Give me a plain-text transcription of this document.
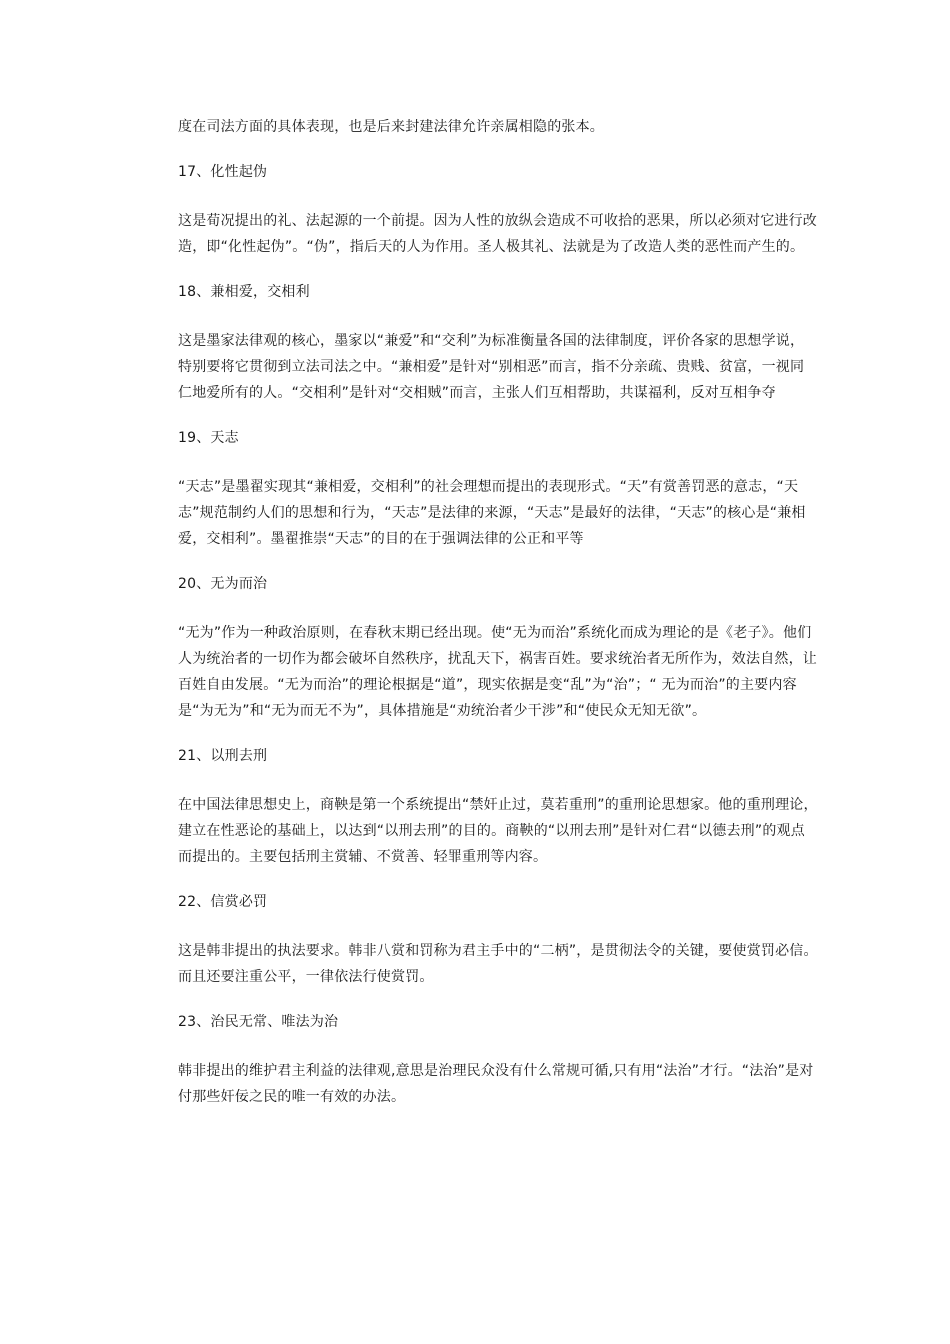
度在司法方面的具体表现，也是后来封建法律允许亲属相隐的张本。

17、化性起伪

这是荀况提出的礼、法起源的一个前提。因为人性的放纵会造成不可收拾的恶果，所以必须对它进行改造，即“化性起伪”。“伪”，指后天的人为作用。圣人极其礼、法就是为了改造人类的恶性而产生的。

18、兼相爱，交相利

这是墨家法律观的核心，墨家以“兼爱”和“交利”为标准衡量各国的法律制度，评价各家的思想学说，特别要将它贯彻到立法司法之中。“兼相爱”是针对“别相恶”而言，指不分亲疏、贵贱、贫富，一视同仁地爱所有的人。“交相利”是针对“交相贼”而言，主张人们互相帮助，共谋福利，反对互相争夺

19、天志

“天志”是墨翟实现其“兼相爱，交相利”的社会理想而提出的表现形式。“天”有赏善罚恶的意志，“天志”规范制约人们的思想和行为，“天志”是法律的来源，“天志”是最好的法律，“天志”的核心是“兼相爱，交相利”。墨翟推崇“天志”的目的在于强调法律的公正和平等

20、无为而治

“无为”作为一种政治原则，在春秋末期已经出现。使“无为而治”系统化而成为理论的是《老子》。他们人为统治者的一切作为都会破坏自然秩序，扰乱天下，祸害百姓。要求统治者无所作为，效法自然，让百姓自由发展。“无为而治”的理论根据是“道”，现实依据是变“乱”为“治”；“ 无为而治”的主要内容是“为无为”和“无为而无不为”，具体措施是“劝统治者少干涉”和“使民众无知无欲”。

21、以刑去刑

在中国法律思想史上，商鞅是第一个系统提出“禁奸止过，莫若重刑”的重刑论思想家。他的重刑理论，建立在性恶论的基础上，以达到“以刑去刑”的目的。商鞅的“以刑去刑”是针对仁君“以德去刑”的观点而提出的。主要包括刑主赏辅、不赏善、轻罪重刑等内容。

22、信赏必罚

这是韩非提出的执法要求。韩非八赏和罚称为君主手中的“二柄”，是贯彻法令的关键，要使赏罚必信。而且还要注重公平，一律依法行使赏罚。

23、治民无常、唯法为治

韩非提出的维护君主利益的法律观,意思是治理民众没有什么常规可循,只有用“法治”才行。“法治”是对付那些奸佞之民的唯一有效的办法。
